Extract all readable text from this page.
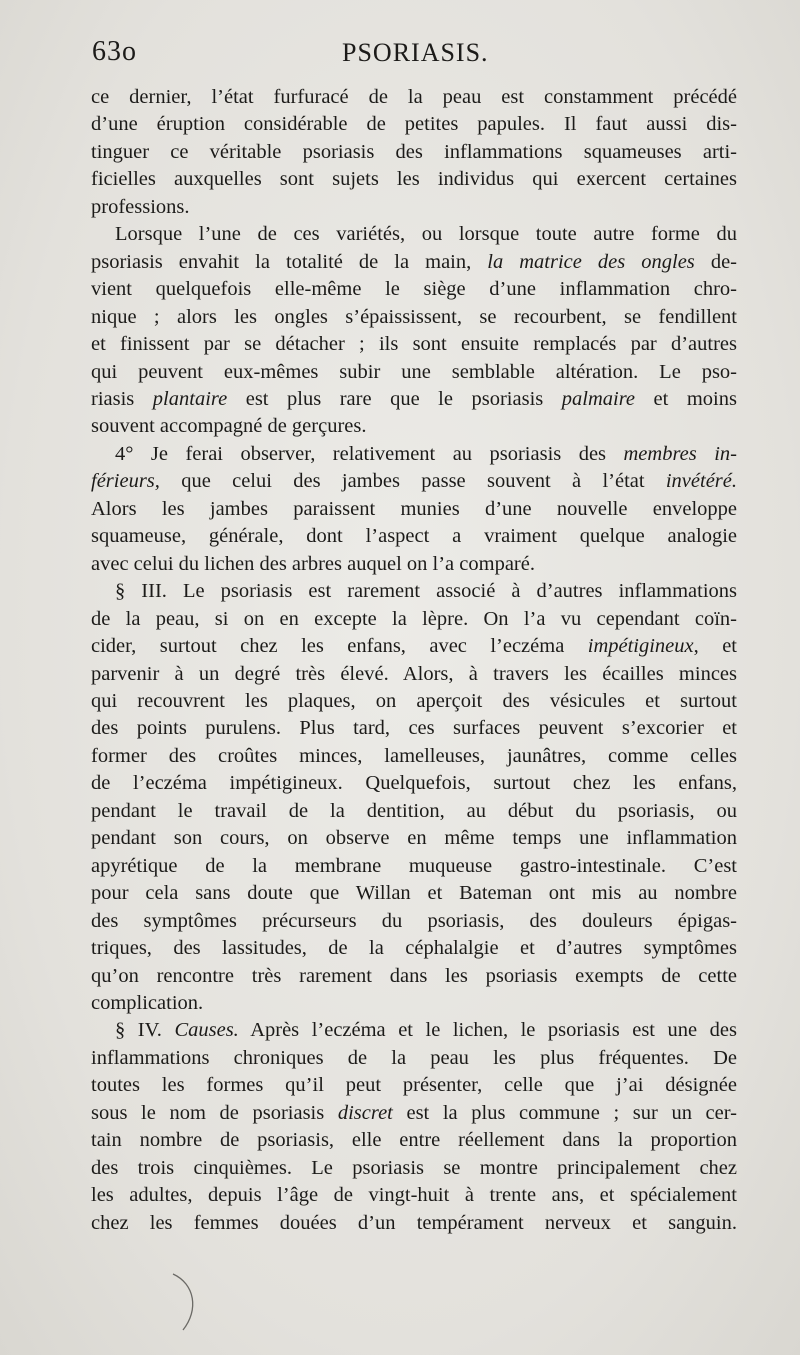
63o	PSORIASIS.
ce dernier, l’état furfuracé de la peau est constamment précédé
d’une éruption considérable de petites papules. Il faut aussi dis-
tinguer ce véritable psoriasis des inflammations squameuses arti-
ficielles auxquelles sont sujets les individus qui exercent certaines
professions.
Lorsque l’une de ces variétés, ou lorsque toute autre forme du
psoriasis envahit la totalité de la main, la matrice des ongles de-
vient quelquefois elle-même le siège d’une inflammation chro-
nique ; alors les ongles s’épaississent, se recourbent, se fendillent
et finissent par se détacher ; ils sont ensuite remplacés par d’autres
qui peuvent eux-mêmes subir une semblable altération. Le pso-
riasis plantaire est plus rare que le psoriasis palmaire et moins
souvent accompagné de gerçures.
4° Je ferai observer, relativement au psoriasis des membres in-
férieurs, que celui des jambes passe souvent à l’état invétéré.
Alors les jambes paraissent munies d’une nouvelle enveloppe
squameuse, générale, dont l’aspect a vraiment quelque analogie
avec celui du lichen des arbres auquel on l’a comparé.
§ III. Le psoriasis est rarement associé à d’autres inflammations
de la peau, si on en excepte la lèpre. On l’a vu cependant coïn-
cider, surtout chez les enfans, avec l’eczéma impétigineux, et
parvenir à un degré très élevé. Alors, à travers les écailles minces
qui recouvrent les plaques, on aperçoit des vésicules et surtout
des points purulens. Plus tard, ces surfaces peuvent s’excorier et
former des croûtes minces, lamelleuses, jaunâtres, comme celles
de l’eczéma impétigineux. Quelquefois, surtout chez les enfans,
pendant le travail de la dentition, au début du psoriasis, ou
pendant son cours, on observe en même temps une inflammation
apyrétique de la membrane muqueuse gastro-intestinale. C’est
pour cela sans doute que Willan et Bateman ont mis au nombre
des symptômes précurseurs du psoriasis, des douleurs épigas-
triques, des lassitudes, de la céphalalgie et d’autres symptômes
qu’on rencontre très rarement dans les psoriasis exempts de cette
complication.
§ IV. Causes. Après l’eczéma et le lichen, le psoriasis est une des
inflammations chroniques de la peau les plus fréquentes. De
toutes les formes qu’il peut présenter, celle que j’ai désignée
sous le nom de psoriasis discret est la plus commune ; sur un cer-
tain nombre de psoriasis, elle entre réellement dans la proportion
des trois cinquièmes. Le psoriasis se montre principalement chez
les adultes, depuis l’âge de vingt-huit à trente ans, et spécialement
chez les femmes douées d’un tempérament nerveux et sanguin.
